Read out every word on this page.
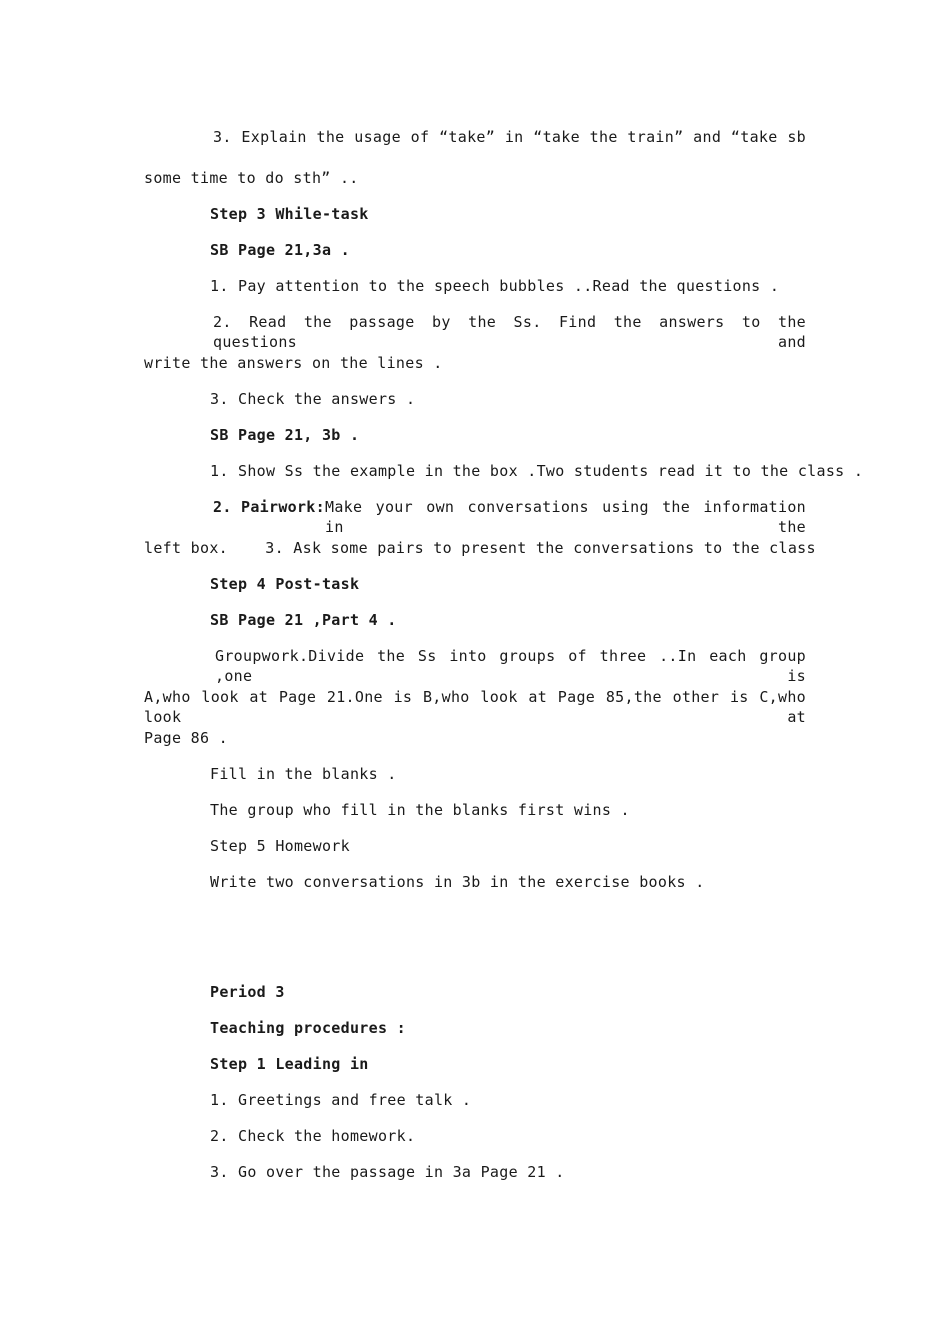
3. Explain the usage of “take” in “take the train” and “take sb
some time to do sth” ..
Step 3 While-task
SB Page 21,3a .
1. Pay attention to the speech bubbles ..Read the questions .
2. Read the passage by the Ss. Find the answers to the questions and
write the answers on the lines .
3. Check the answers .
SB Page 21, 3b .
1. Show Ss the example in the box .Two students read it to the class .
2. Pairwork: Make your own conversations using the information in the
left box.    3. Ask some pairs to present the conversations to the class
Step 4 Post-task
SB Page 21 ,Part 4 .
Groupwork.Divide the Ss into groups of three ..In each group ,one is
A,who look at Page 21.One is B,who look at Page 85,the other is C,who look at
Page 86 .
Fill in the blanks .
The group who fill in the blanks first wins .
Step 5 Homework
Write two conversations in 3b in the exercise books .
Period 3
Teaching procedures :
Step 1 Leading in
1. Greetings and free talk .
2. Check the homework.
3. Go over the passage in 3a Page 21 .
